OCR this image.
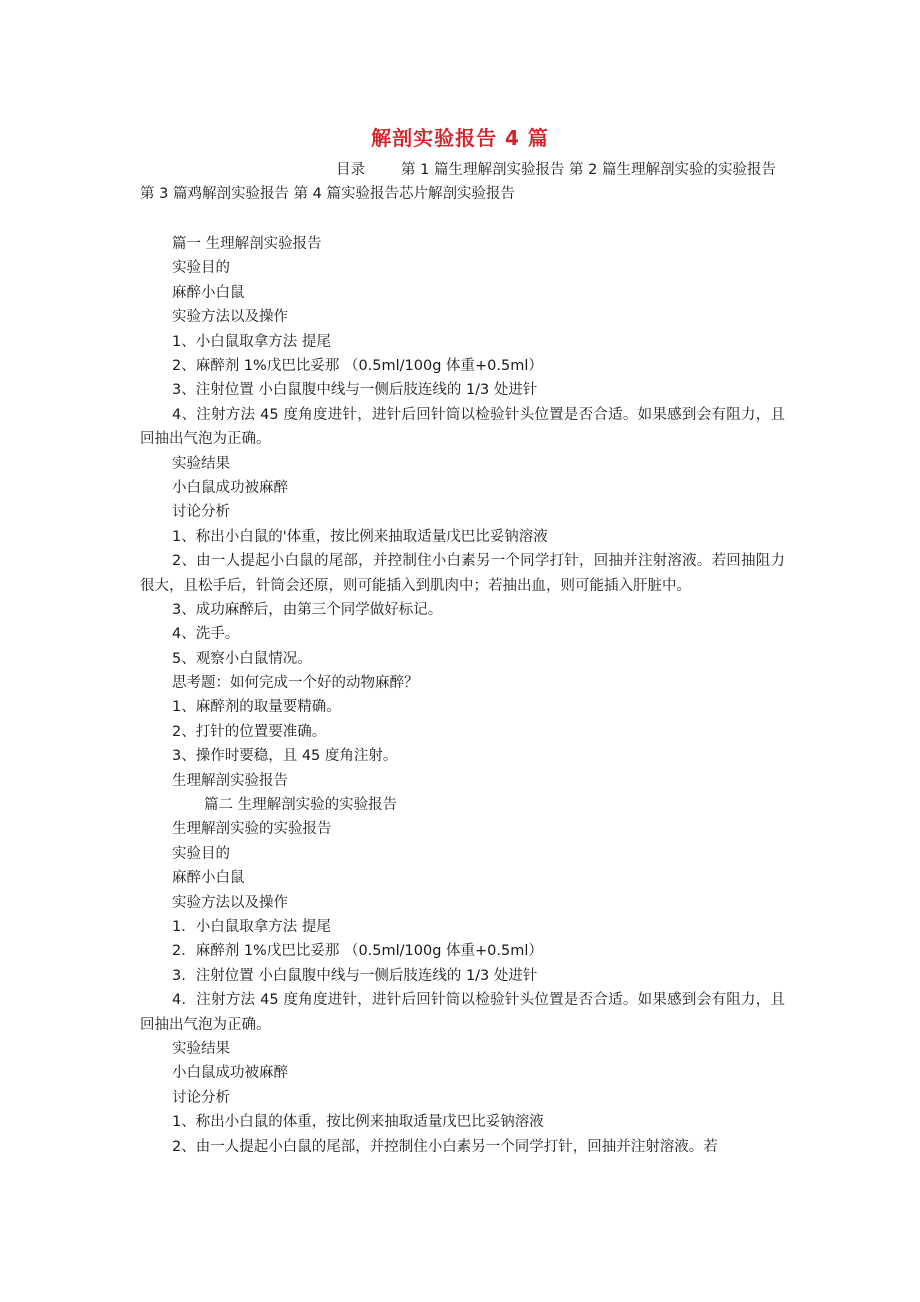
解剖实验报告 4 篇
目录 第 1 篇生理解剖实验报告 第 2 篇生理解剖实验的实验报告 第 3 篇鸡解剖实验报告 第 4 篇实验报告芯片解剖实验报告
篇一 生理解剖实验报告
实验目的
麻醉小白鼠
实验方法以及操作
1、小白鼠取拿方法 提尾
2、麻醉剂 1%戊巴比妥那 （0.5ml/100g 体重+0.5ml）
3、注射位置 小白鼠腹中线与一侧后肢连线的 1/3 处进针
4、注射方法 45 度角度进针，进针后回针筒以检验针头位置是否合适。如果感到会有阻力，且回抽出气泡为正确。
实验结果
小白鼠成功被麻醉
讨论分析
1、称出小白鼠的'体重，按比例来抽取适量戊巴比妥钠溶液
2、由一人提起小白鼠的尾部，并控制住小白素另一个同学打针，回抽并注射溶液。若回抽阻力很大，且松手后，针筒会还原，则可能插入到肌肉中；若抽出血，则可能插入肝脏中。
3、成功麻醉后，由第三个同学做好标记。
4、洗手。
5、观察小白鼠情况。
思考题：如何完成一个好的动物麻醉？
1、麻醉剂的取量要精确。
2、打针的位置要准确。
3、操作时要稳，且 45 度角注射。
生理解剖实验报告
篇二 生理解剖实验的实验报告
生理解剖实验的实验报告
实验目的
麻醉小白鼠
实验方法以及操作
1．小白鼠取拿方法 提尾
2．麻醉剂 1%戊巴比妥那 （0.5ml/100g 体重+0.5ml）
3．注射位置 小白鼠腹中线与一侧后肢连线的 1/3 处进针
4．注射方法 45 度角度进针，进针后回针筒以检验针头位置是否合适。如果感到会有阻力，且回抽出气泡为正确。
实验结果
小白鼠成功被麻醉
讨论分析
1、称出小白鼠的体重，按比例来抽取适量戊巴比妥钠溶液
2、由一人提起小白鼠的尾部，并控制住小白素另一个同学打针，回抽并注射溶液。若
